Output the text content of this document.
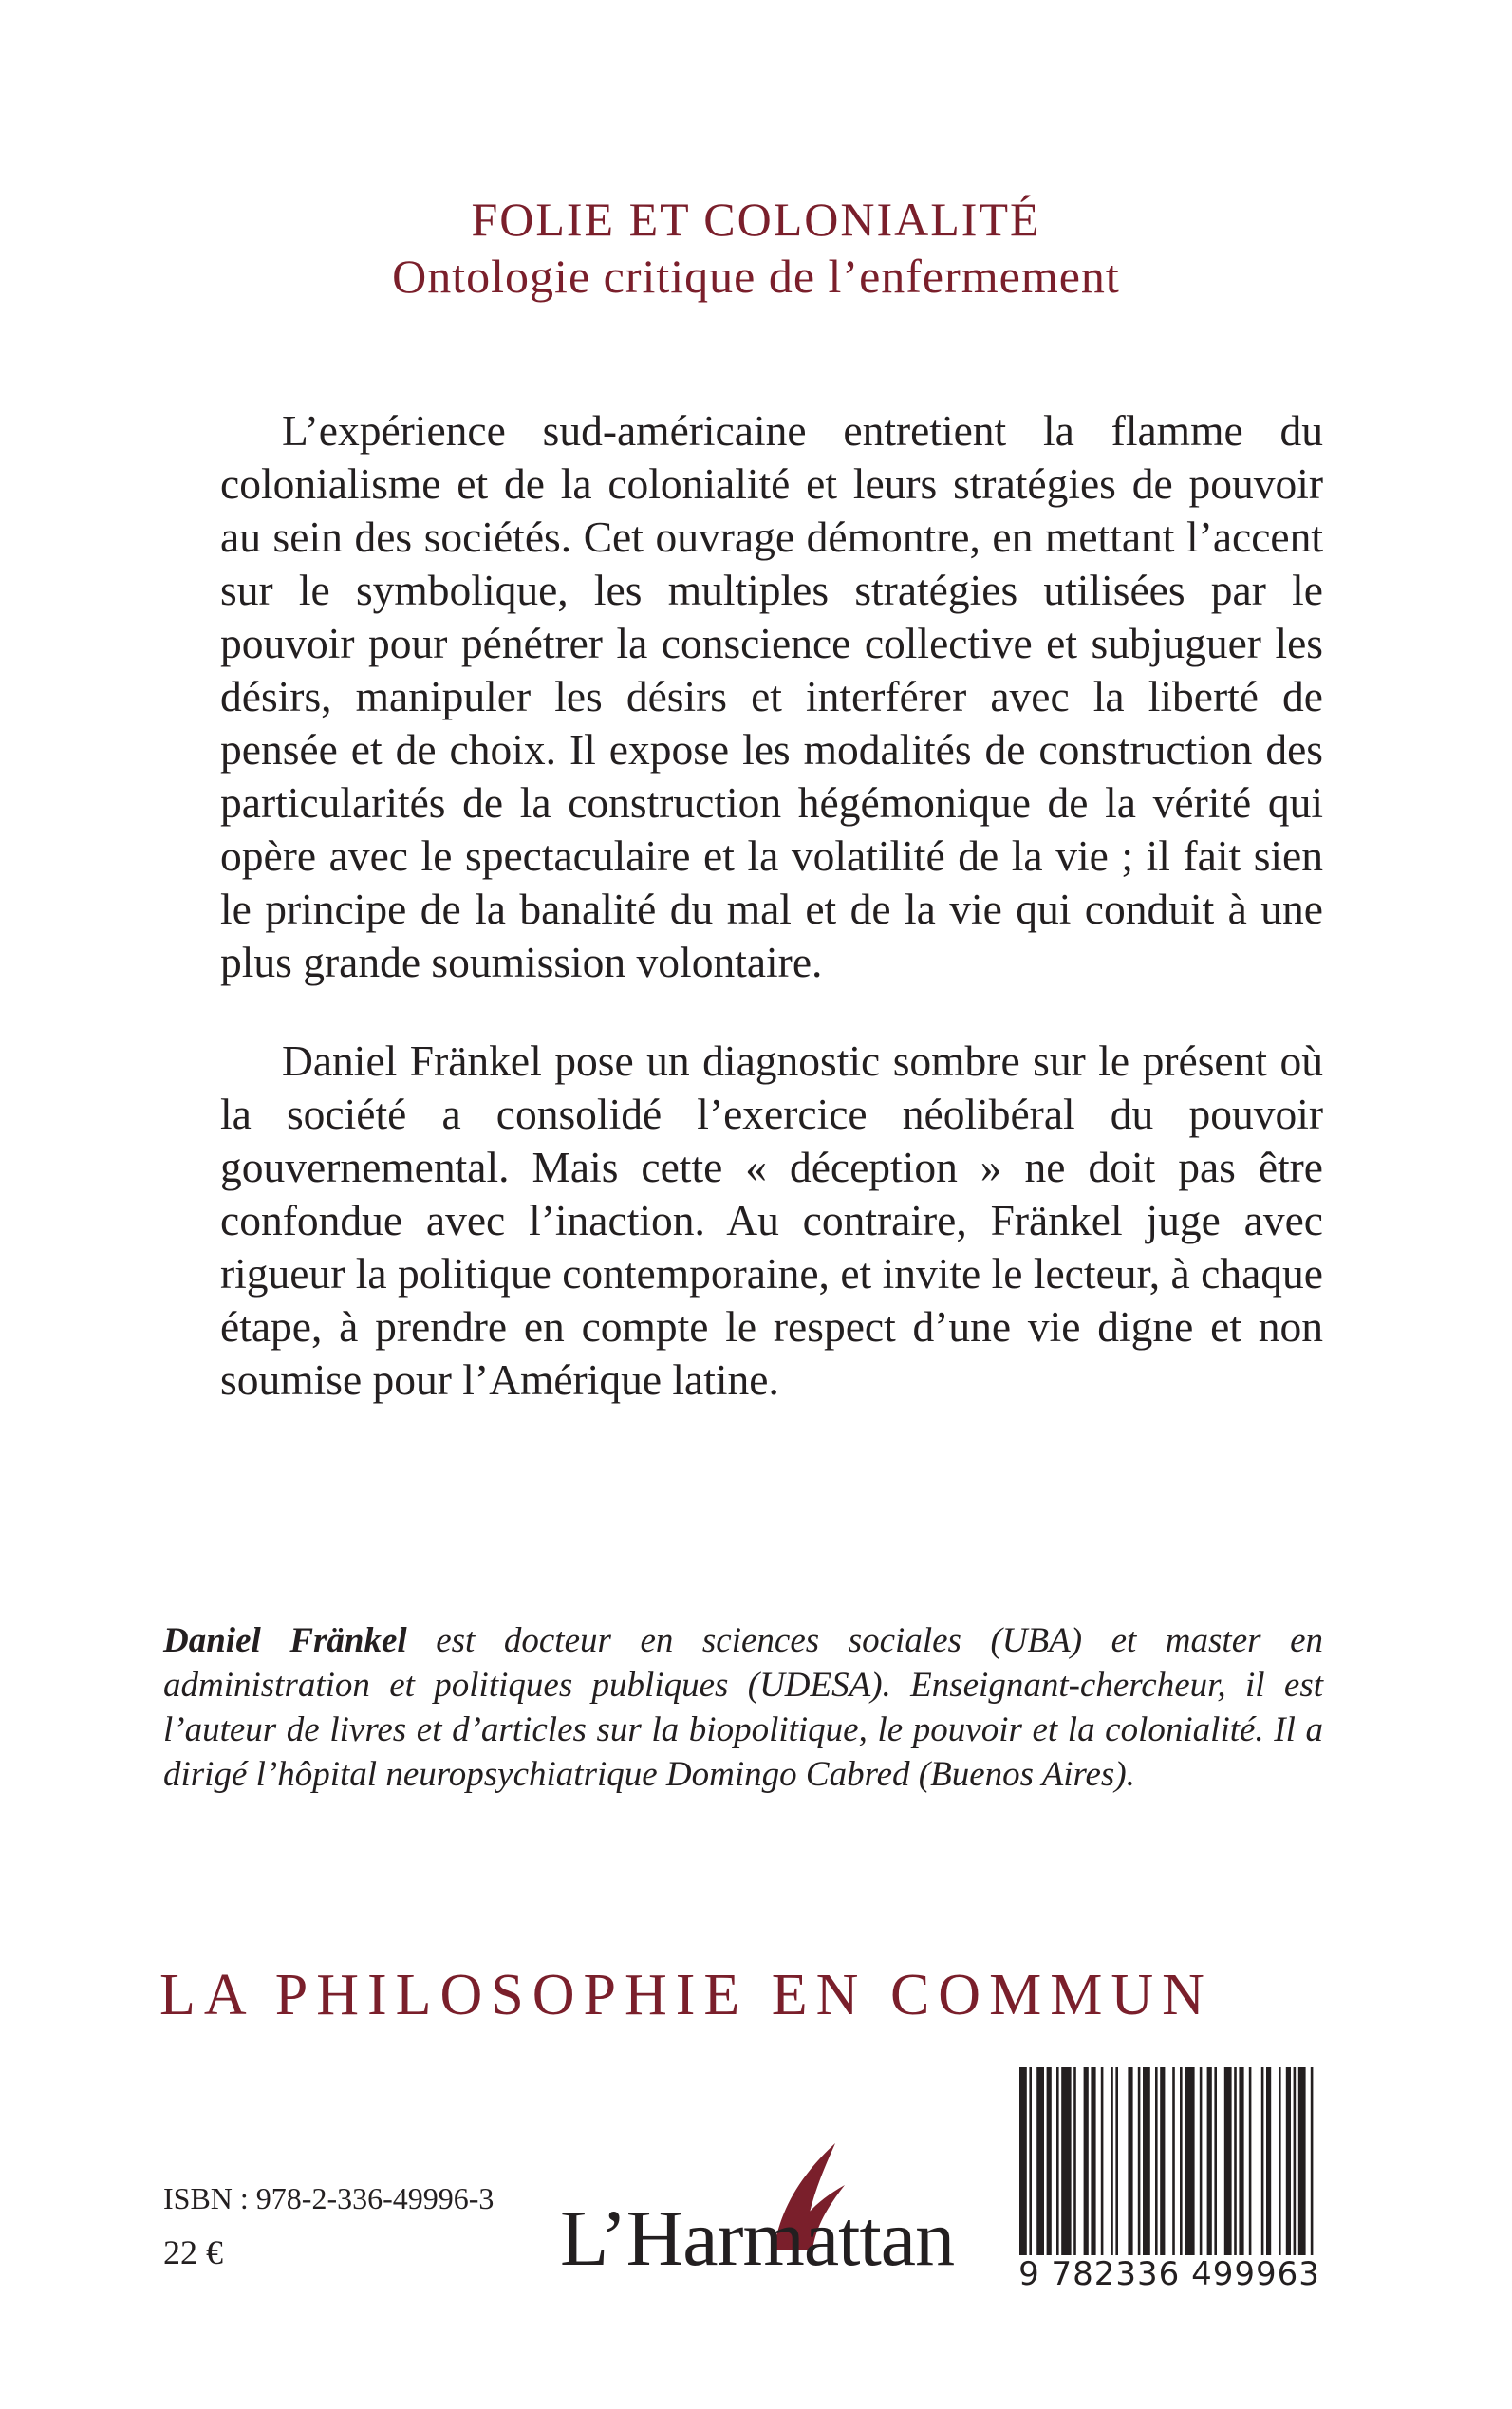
FOLIE ET COLONIALITÉ
Ontologie critique de l’enfermement

L’expérience sud-américaine entretient la flamme du colonialisme et de la colonialité et leurs stratégies de pouvoir au sein des sociétés. Cet ouvrage démontre, en mettant l’accent sur le symbolique, les multiples stratégies utilisées par le pouvoir pour pénétrer la conscience collective et subjuguer les désirs, manipuler les désirs et interférer avec la liberté de pensée et de choix. Il expose les modalités de construction des particularités de la construction hégémonique de la vérité qui opère avec le spectaculaire et la volatilité de la vie ; il fait sien le principe de la banalité du mal et de la vie qui conduit à une plus grande soumission volontaire.

Daniel Fränkel pose un diagnostic sombre sur le présent où la société a consolidé l’exercice néolibéral du pouvoir gouvernemental. Mais cette « déception » ne doit pas être confondue avec l’inaction. Au contraire, Fränkel juge avec rigueur la politique contemporaine, et invite le lecteur, à chaque étape, à prendre en compte le respect d’une vie digne et non soumise pour l’Amérique latine.

Daniel Fränkel est docteur en sciences sociales (UBA) et master en administration et politiques publiques (UDESA). Enseignant-chercheur, il est l’auteur de livres et d’articles sur la biopolitique, le pouvoir et la colonialité. Il a dirigé l’hôpital neuropsychiatrique Domingo Cabred (Buenos Aires).

LA PHILOSOPHIE EN COMMUN
ISBN : 978-2-336-49996-3
22 €	L’Harmattan 9 782336 499963
